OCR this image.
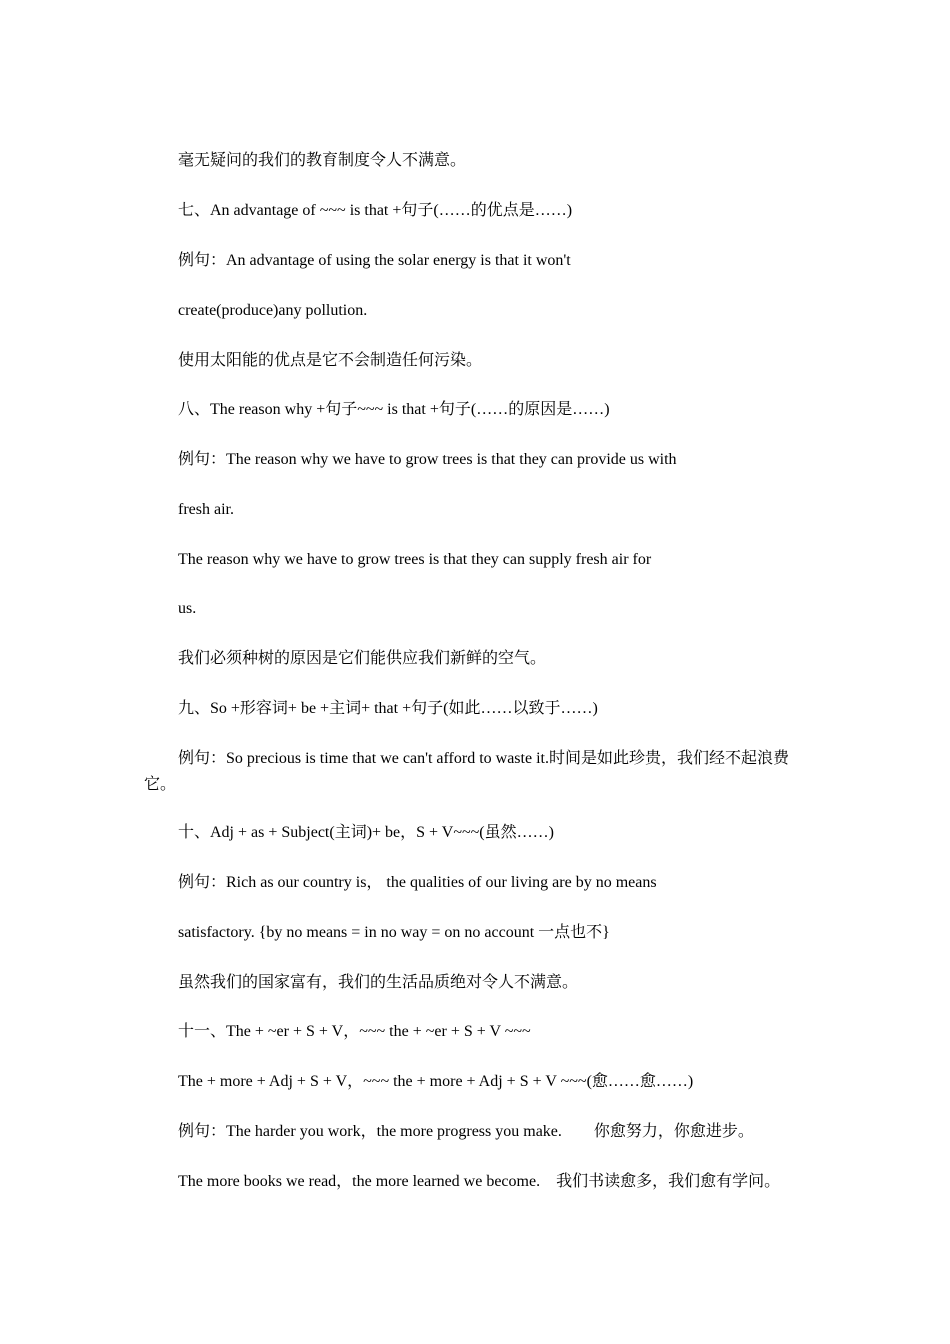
毫无疑问的我们的教育制度令人不满意。
七、An advantage of ~~~ is that +句子(……的优点是……)
例句：An advantage of using the solar energy is that it won't
create(produce)any pollution.
使用太阳能的优点是它不会制造任何污染。
八、The reason why +句子~~~ is that +句子(……的原因是……)
例句：The reason why we have to grow trees is that they can provide us with
fresh air.
The reason why we have to grow trees is that they can supply fresh air for
us.
我们必须种树的原因是它们能供应我们新鲜的空气。
九、So +形容词+ be +主词+ that +句子(如此……以致于……)
例句：So precious is time that we can't afford to waste it.时间是如此珍贵，我们经不起浪费它。
十、Adj + as + Subject(主词)+ be，S + V~~~(虽然……)
例句：Rich as our country is， the qualities of our living are by no means
satisfactory. {by no means = in no way = on no account 一点也不}
虽然我们的国家富有，我们的生活品质绝对令人不满意。
十一、The + ~er + S + V，~~~ the + ~er + S + V ~~~
The + more + Adj + S + V，~~~ the + more + Adj + S + V ~~~(愈……愈……)
例句：The harder you work，the more progress you make.　　你愈努力，你愈进步。
The more books we read，the more learned we become.　我们书读愈多，我们愈有学问。
